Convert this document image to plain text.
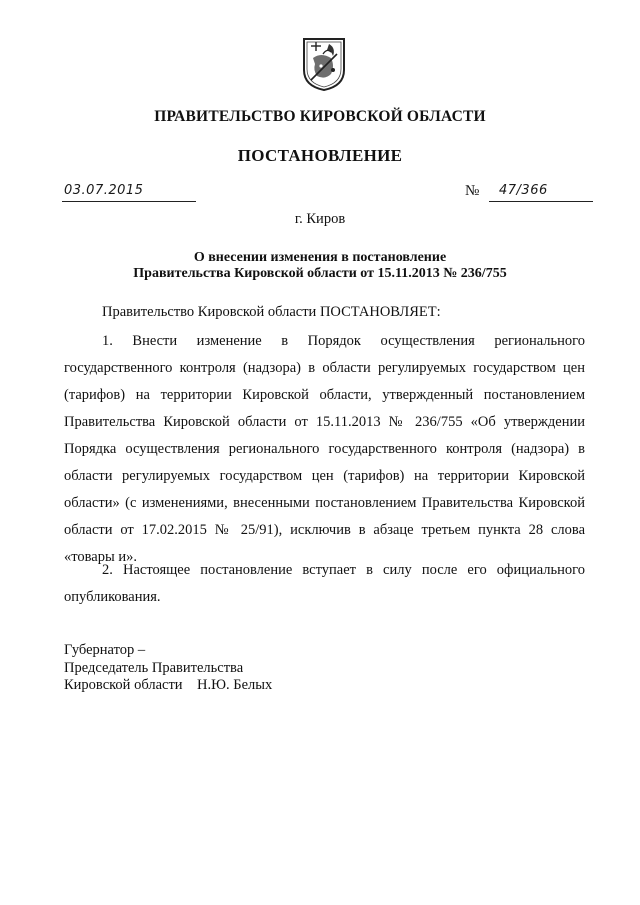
ПРАВИТЕЛЬСТВО КИРОВСКОЙ ОБЛАСТИ
ПОСТАНОВЛЕНИЕ
03.07.2015	№ 47/366
г. Киров
О внесении изменения в постановление
Правительства Кировской области от 15.11.2013 № 236/755
Правительство Кировской области ПОСТАНОВЛЯЕТ:
1. Внести изменение в Порядок осуществления регионального государственного контроля (надзора) в области регулируемых государством цен (тарифов) на территории Кировской области, утвержденный постановлением Правительства Кировской области от 15.11.2013 № 236/755 «Об утверждении Порядка осуществления регионального государственного контроля (надзора) в области регулируемых государством цен (тарифов) на территории Кировской области» (с изменениями, внесенными постановлением Правительства Кировской области от 17.02.2015 № 25/91), исключив в абзаце третьем пункта 28 слова «товары и».
2. Настоящее постановление вступает в силу после его официального опубликования.
Губернатор –
Председатель Правительства
Кировской области    Н.Ю. Белых
